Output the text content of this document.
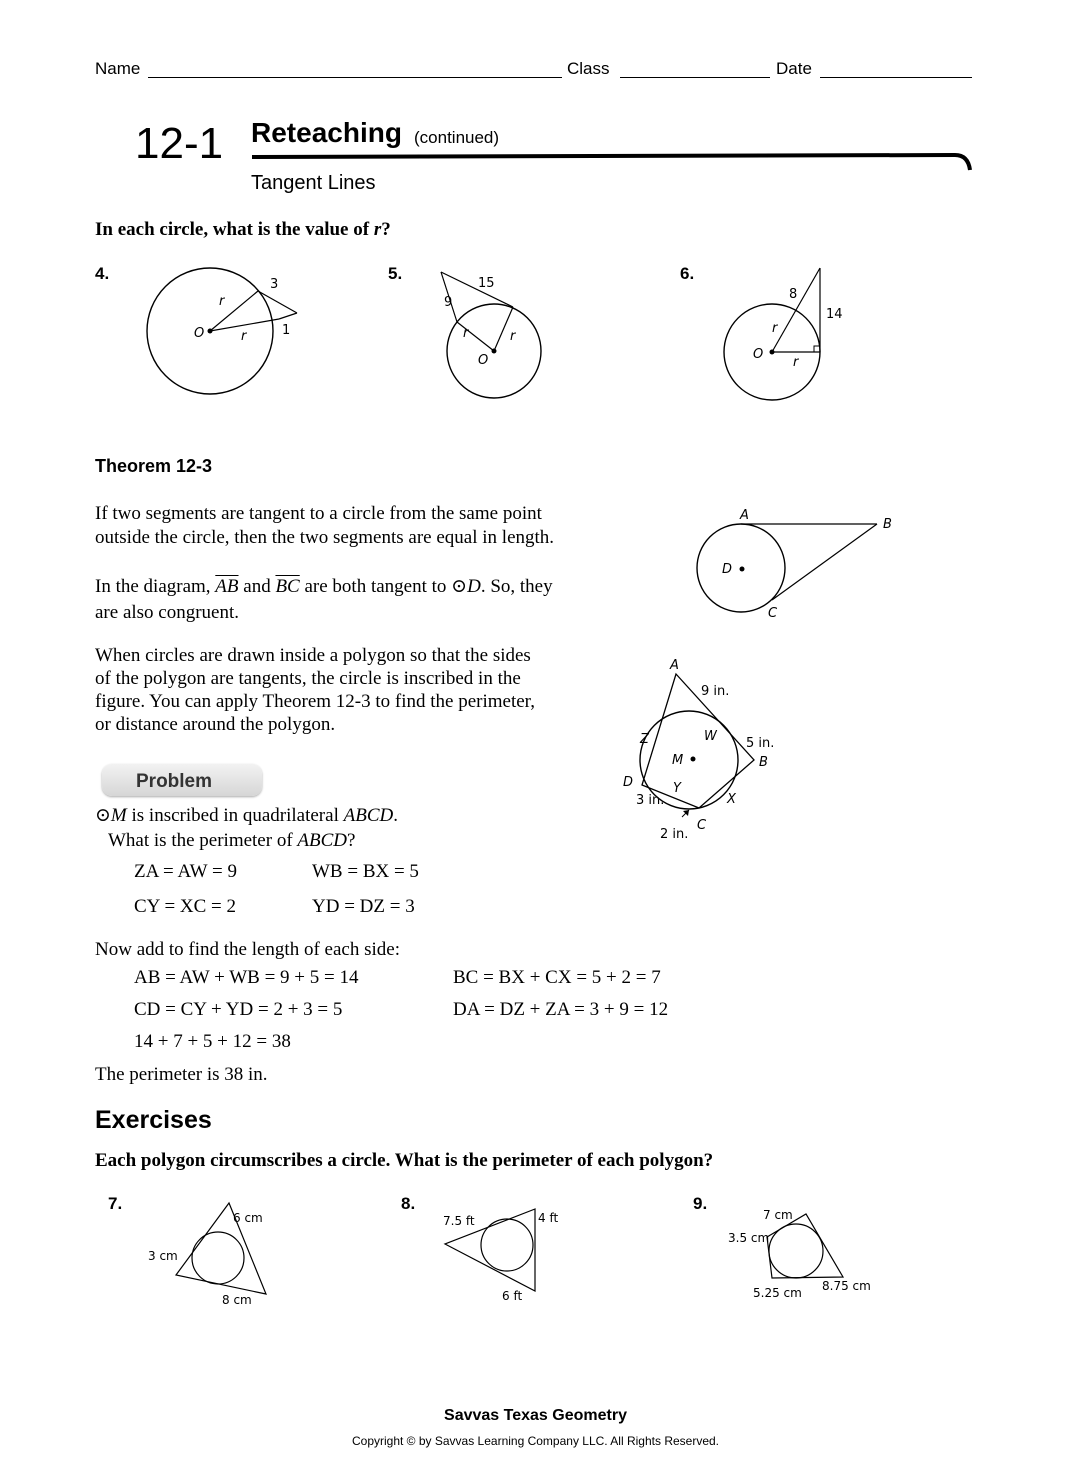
Name	Class	Date
12-1 Reteaching (continued)
Tangent Lines
In each circle, what is the value of r?
4.
3
1
r
r
O
5.
15
9
r	r
O
6.
8
14
r
r
O
Theorem 12-3
If two segments are tangent to a circle from the same point
outside the circle, then the two segments are equal in length.
In the diagram, $\overline{AB}$ and $\overline{BC}$ are both tangent to ⊙D. So, they
are also congruent.
A
B
C
D
When circles are drawn inside a polygon so that the sides
of the polygon are tangents, the circle is inscribed in the
figure. You can apply Theorem 12-3 to find the perimeter,
or distance around the polygon.
A
B
C
D
M
W
X
Y
Z
9 in.
5 in.
3 in.
2 in.
Problem
⊙M is inscribed in quadrilateral ABCD.
What is the perimeter of ABCD?
ZA = AW = 9	WB = BX = 5
CY = XC = 2	YD = DZ = 3
Now add to find the length of each side:
AB = AW + WB = 9 + 5 = 14	BC = BX + CX = 5 + 2 = 7
CD = CY + YD = 2 + 3 = 5	DA = DZ + ZA = 3 + 9 = 12
14 + 7 + 5 + 12 = 38
The perimeter is 38 in.
Exercises
Each polygon circumscribes a circle. What is the perimeter of each polygon?
7.
6 cm
3 cm
8 cm
8.
7.5 ft	4 ft
6 ft
9.
7 cm
3.5 cm
5.25 cm 8.75 cm
Savvas Texas Geometry
Copyright © by Savvas Learning Company LLC. All Rights Reserved.
